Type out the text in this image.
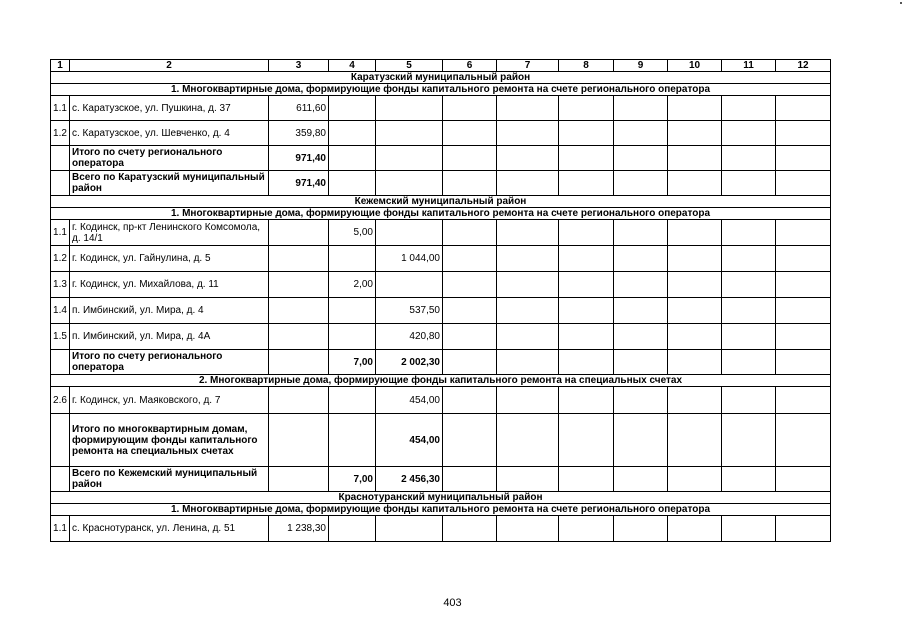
1	2	3	4	5	6	7	8	9	10	11	12
Каратузский муниципальный район											
1. Многоквартирные дома, формирующие фонды капитального ремонта на счете регионального оператора											
1.1	с. Каратузское, ул. Пушкина, д. 37	611,60									
1.2	с. Каратузское, ул. Шевченко, д. 4	359,80									
	Итого по счету регионального оператора	971,40									
	Всего по Каратузский муниципальный район	971,40									
Кежемский муниципальный район											
1. Многоквартирные дома, формирующие фонды капитального ремонта на счете регионального оператора											
1.1	г. Кодинск, пр-кт Ленинского Комсомола, д. 14/1		5,00								
1.2	г. Кодинск, ул. Гайнулина, д. 5			1 044,00							
1.3	г. Кодинск, ул. Михайлова, д. 11		2,00								
1.4	п. Имбинский, ул. Мира, д. 4			537,50							
1.5	п. Имбинский, ул. Мира, д. 4А			420,80							
	Итого по счету регионального оператора		7,00	2 002,30							
2. Многоквартирные дома, формирующие фонды капитального ремонта на специальных счетах											
2.6	г. Кодинск, ул. Маяковского, д. 7			454,00							
	Итого по многоквартирным домам, формирующим фонды капитального ремонта на специальных счетах			454,00							
	Всего по Кежемский муниципальный район		7,00	2 456,30							
Краснотуранский муниципальный район											
1. Многоквартирные дома, формирующие фонды капитального ремонта на счете регионального оператора											
1.1	с. Краснотуранск, ул. Ленина, д. 51	1 238,30									
403
